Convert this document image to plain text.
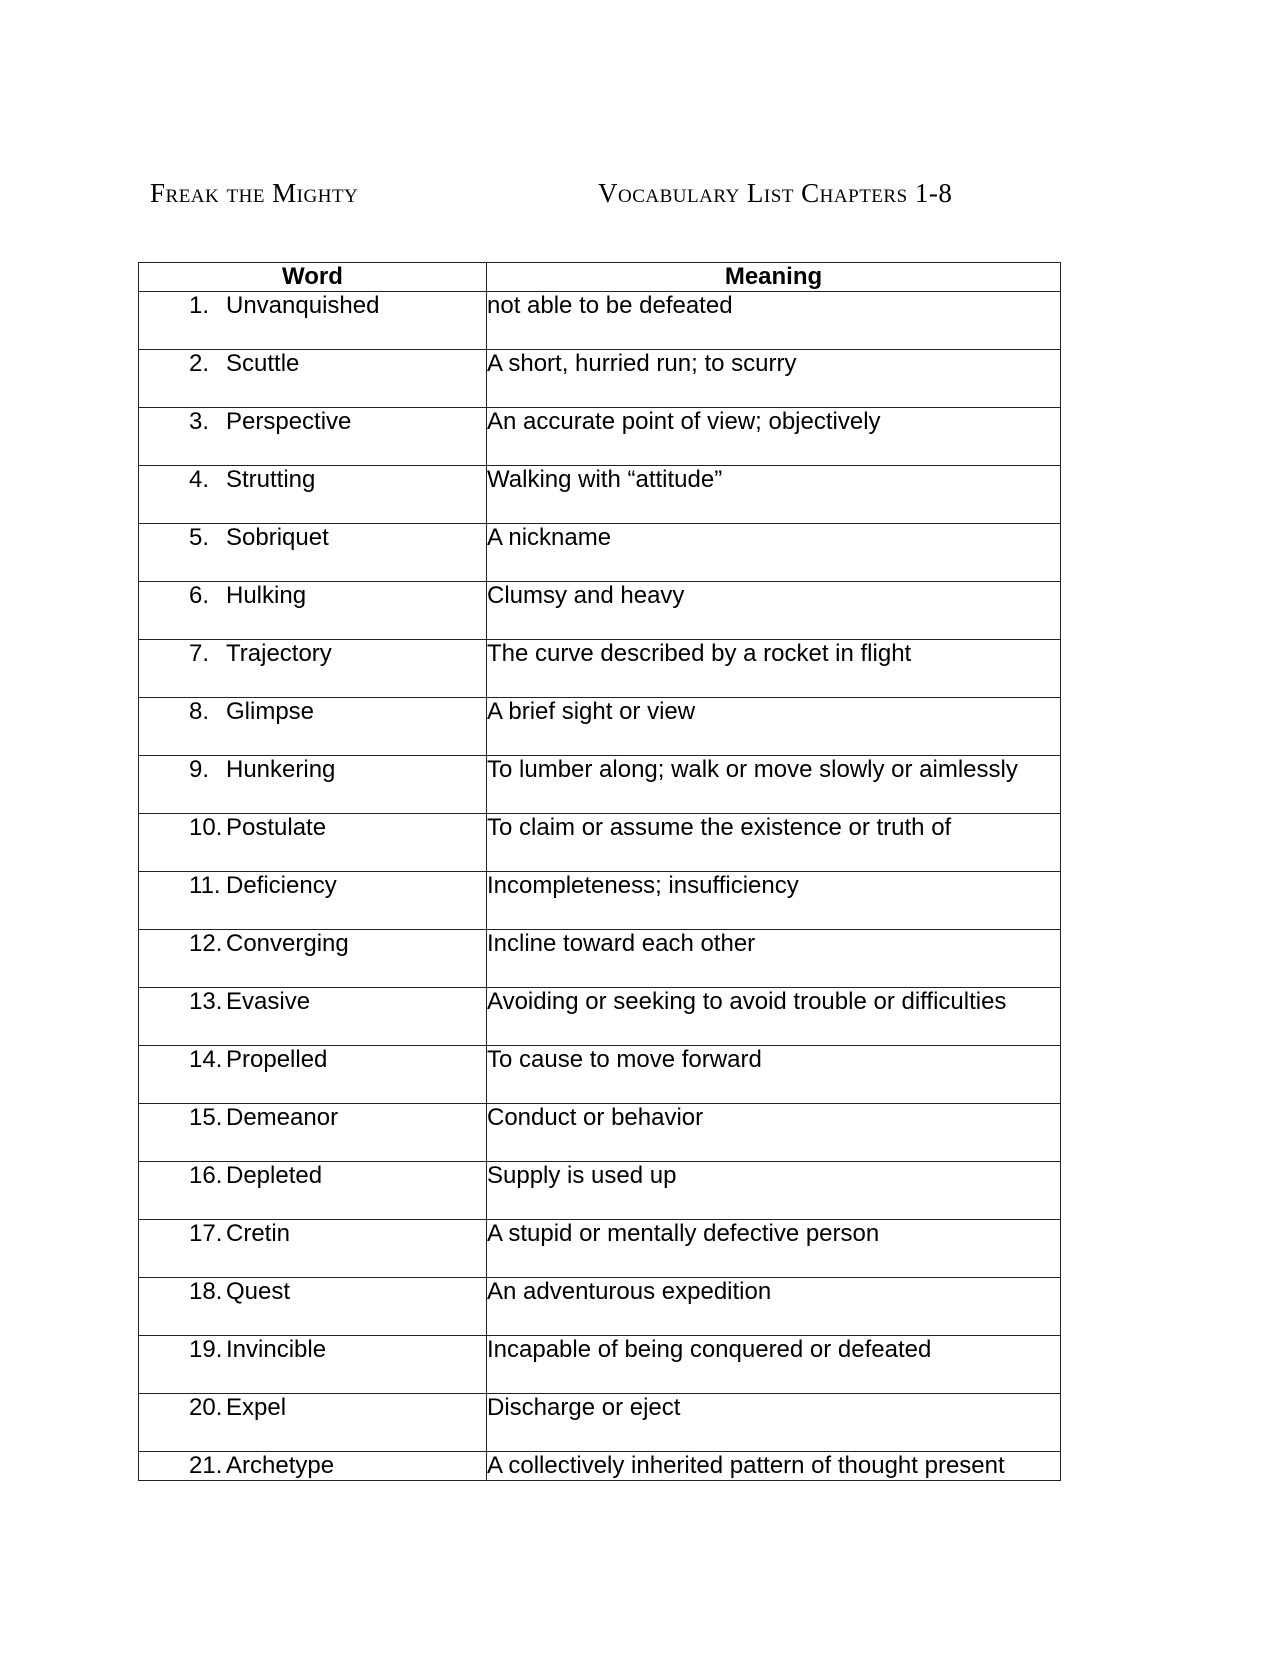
Freak the Mighty	Vocabulary List Chapters 1-8
Word	Meaning

1. Unvanquished	not able to be defeated

2. Scuttle	A short, hurried run; to scurry

3. Perspective	An accurate point of view; objectively

4. Strutting	Walking with “attitude”

5. Sobriquet	A nickname

6. Hulking	Clumsy and heavy

7. Trajectory	The curve described by a rocket in flight

8. Glimpse	A brief sight or view

9. Hunkering	To lumber along; walk or move slowly or aimlessly

10. Postulate	To claim or assume the existence or truth of

11. Deficiency	Incompleteness; insufficiency

12. Converging	Incline toward each other

13. Evasive	Avoiding or seeking to avoid trouble or difficulties

14. Propelled	To cause to move forward

15. Demeanor	Conduct or behavior

16. Depleted	Supply is used up

17. Cretin	A stupid or mentally defective person

18. Quest	An adventurous expedition

19. Invincible	Incapable of being conquered or defeated

20. Expel	Discharge or eject

21. Archetype	A collectively inherited pattern of thought present
